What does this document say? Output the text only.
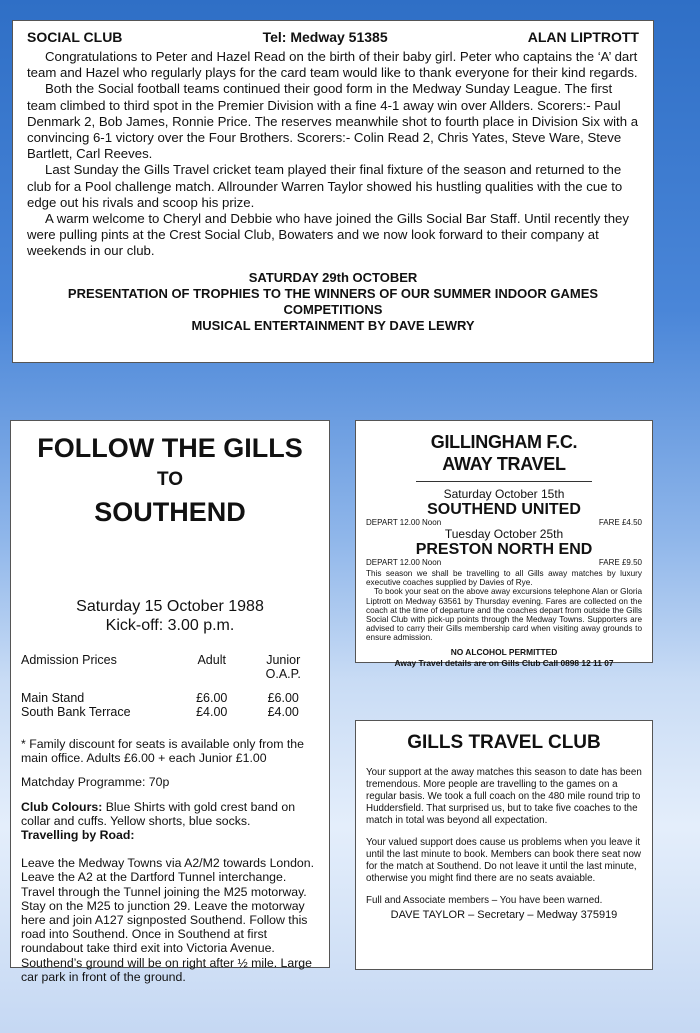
SOCIAL CLUB	Tel: Medway 51385	ALAN LIPTROTT

Congratulations to Peter and Hazel Read on the birth of their baby girl. Peter who captains the ‘A’ dart team and Hazel who regularly plays for the card team would like to thank everyone for their kind regards.

Both the Social football teams continued their good form in the Medway Sunday League. The first team climbed to third spot in the Premier Division with a fine 4-1 away win over Allders. Scorers:- Paul Denmark 2, Bob James, Ronnie Price. The reserves meanwhile shot to fourth place in Division Six with a convincing 6-1 victory over the Four Brothers. Scorers:- Colin Read 2, Chris Yates, Steve Ware, Steve Bartlett, Carl Reeves.

Last Sunday the Gills Travel cricket team played their final fixture of the season and returned to the club for a Pool challenge match. Allrounder Warren Taylor showed his hustling qualities with the cue to edge out his rivals and scoop his prize.

A warm welcome to Cheryl and Debbie who have joined the Gills Social Bar Staff. Until recently they were pulling pints at the Crest Social Club, Bowaters and we now look forward to their company at weekends in our club.

SATURDAY 29th OCTOBER
PRESENTATION OF TROPHIES TO THE WINNERS OF OUR SUMMER INDOOR GAMES COMPETITIONS
MUSICAL ENTERTAINMENT BY DAVE LEWRY
FOLLOW THE GILLS
TO
SOUTHEND
Saturday 15 October 1988
Kick-off: 3.00 p.m.
Admission Prices	Adult	Junior
O.A.P.

Main Stand	£6.00	£6.00
South Bank Terrace	£4.00	£4.00

* Family discount for seats is available only from the main office. Adults £6.00 + each Junior £1.00

Matchday Programme: 70p

Club Colours: Blue Shirts with gold crest band on collar and cuffs. Yellow shorts, blue socks.

Travelling by Road:

Leave the Medway Towns via A2/M2 towards London. Leave the A2 at the Dartford Tunnel interchange. Travel through the Tunnel joining the M25 motorway. Stay on the M25 to junction 29. Leave the motorway here and join A127 signposted Southend. Follow this road into Southend. Once in Southend at first roundabout take third exit into Victoria Avenue. Southend’s ground will be on right after ½ mile. Large car park in front of the ground.

GILLINGHAM F.C. AWAY TRAVEL
Saturday October 15th
SOUTHEND UNITED
DEPART 12.00 Noon	FARE £4.50
Tuesday October 25th
PRESTON NORTH END
DEPART 12.00 Noon	FARE £9.50

This season we shall be travelling to all Gills away matches by luxury executive coaches supplied by Davies of Rye.

To book your seat on the above away excursions telephone Alan or Gloria Liptrott on Medway 63561 by Thursday evening. Fares are collected on the coach at the time of departure and the coaches depart from outside the Gills Social Club with pick-up points through the Medway Towns. Supporters are advised to carry their Gills membership card when visiting away grounds to ensure admission.

NO ALCOHOL PERMITTED
Away Travel details are on Gills Club Call 0898 12 11 07
GILLS TRAVEL CLUB

Your support at the away matches this season to date has been tremendous. More people are travelling to the games on a regular basis. We took a full coach on the 480 mile round trip to Huddersfield. That surprised us, but to take five coaches to the match in total was beyond all expectation.

Your valued support does cause us problems when you leave it until the last minute to book. Members can book there seat now for the match at Southend. Do not leave it until the last minute, otherwise you might find there are no seats avaiable.

Full and Associate members – You have been warned.

DAVE TAYLOR – Secretary – Medway 375919
